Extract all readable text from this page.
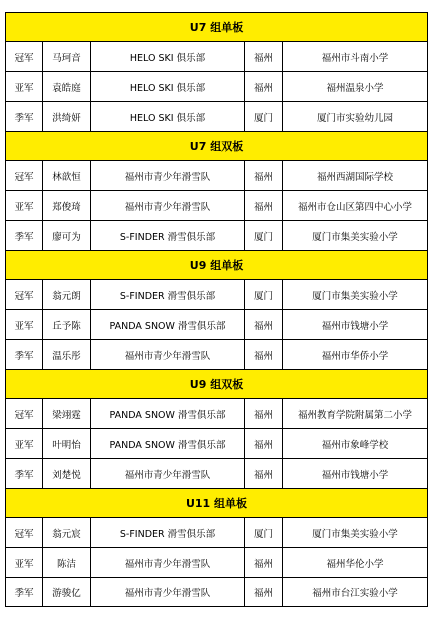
U7 组单板
冠军	马珂音	HELO SKI 俱乐部	福州	福州市斗南小学
亚军	袁皓庭	HELO SKI 俱乐部	福州	福州温泉小学
季军	洪绮妍	HELO SKI 俱乐部	厦门	厦门市实验幼儿园
U7 组双板
冠军	林歆恒	福州市青少年滑雪队	福州	福州西湖国际学校
亚军	郑俊琦	福州市青少年滑雪队	福州	福州市仓山区第四中心小学
季军	廖可为	S-FINDER 滑雪俱乐部	厦门	厦门市集美实验小学
U9 组单板
冠军	翁元朗	S-FINDER 滑雪俱乐部	厦门	厦门市集美实验小学
亚军	丘予陈	PANDA SNOW 滑雪俱乐部	福州	福州市钱塘小学
季军	温乐彤	福州市青少年滑雪队	福州	福州市华侨小学
U9 组双板
冠军	梁翊霆	PANDA SNOW 滑雪俱乐部	福州	福州教育学院附属第二小学
亚军	叶明怡	PANDA SNOW 滑雪俱乐部	福州	福州市象峰学校
季军	刘楚悦	福州市青少年滑雪队	福州	福州市钱塘小学
U11 组单板
冠军	翁元宸	S-FINDER 滑雪俱乐部	厦门	厦门市集美实验小学
亚军	陈洁	福州市青少年滑雪队	福州	福州华伦小学
季军	游骏亿	福州市青少年滑雪队	福州	福州市台江实验小学
